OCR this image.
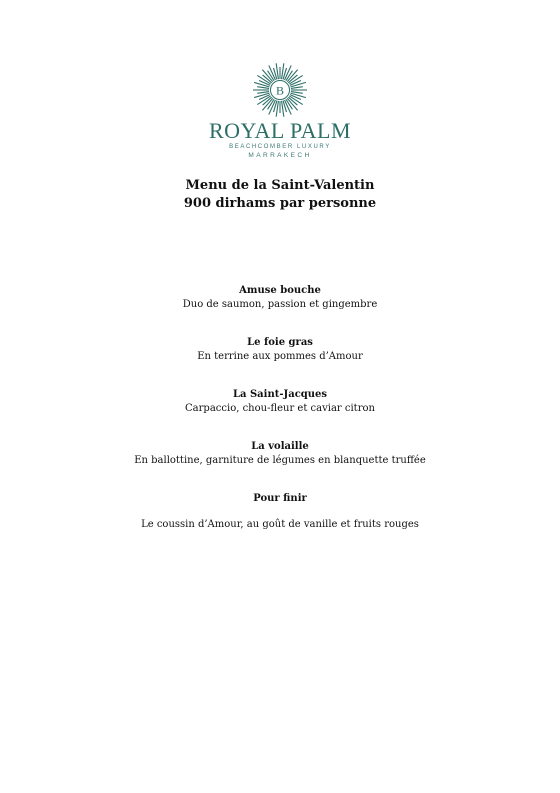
B
ROYAL PALM
BEACHCOMBER LUXURY
MARRAKECH
Menu de la Saint-Valentin
900 dirhams par personne
Amuse bouche
Duo de saumon, passion et gingembre
Le foie gras
En terrine aux pommes d’Amour
La Saint-Jacques
Carpaccio, chou-fleur et caviar citron
La volaille
En ballottine, garniture de légumes en blanquette truffée
Pour finir
Le coussin d’Amour, au goût de vanille et fruits rouges
